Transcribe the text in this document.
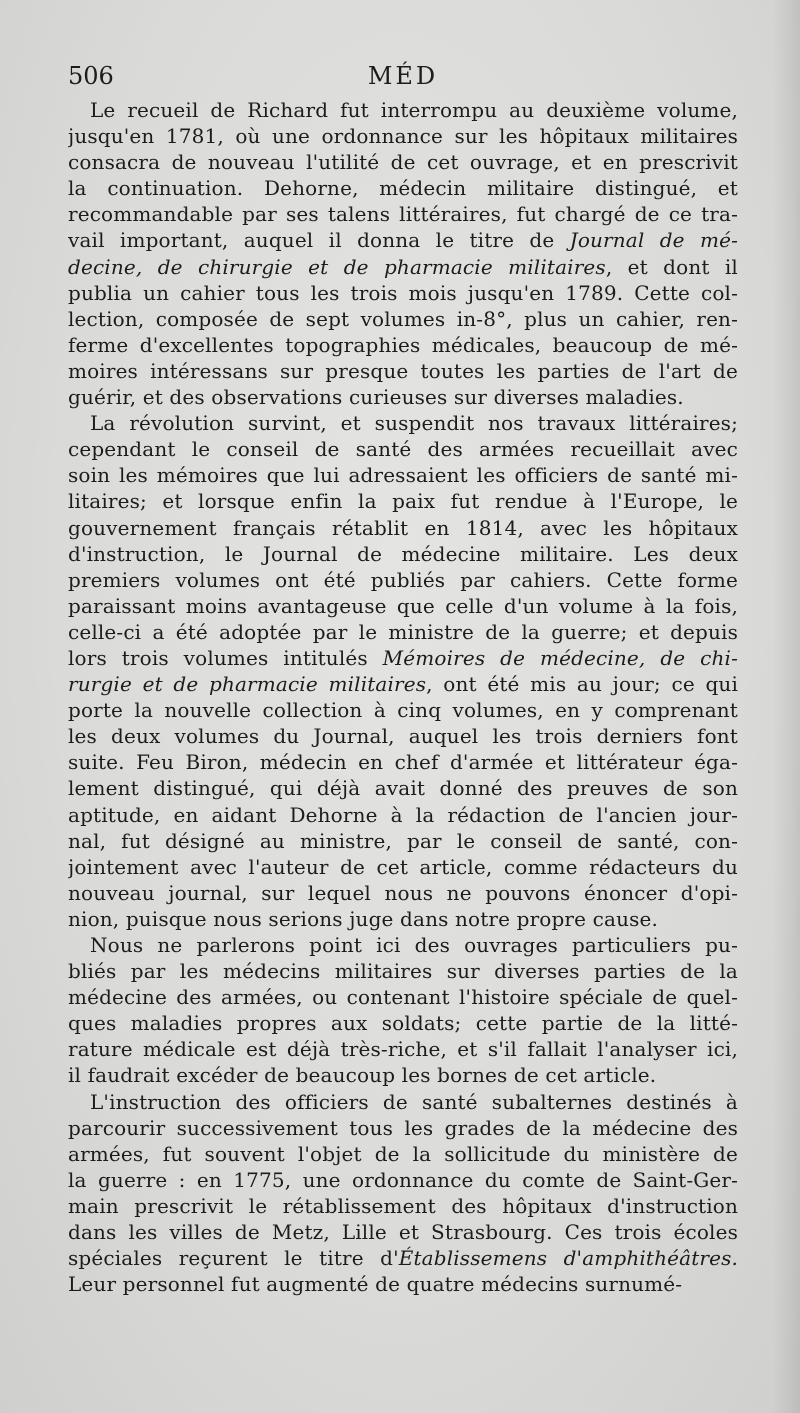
506	MÉD
Le recueil de Richard fut interrompu au deuxième volume,
jusqu'en 1781, où une ordonnance sur les hôpitaux militaires
consacra de nouveau l'utilité de cet ouvrage, et en prescrivit
la continuation. Dehorne, médecin militaire distingué, et
recommandable par ses talens littéraires, fut chargé de ce tra-
vail important, auquel il donna le titre de Journal de mé-
decine, de chirurgie et de pharmacie militaires, et dont il
publia un cahier tous les trois mois jusqu'en 1789. Cette col-
lection, composée de sept volumes in-8°, plus un cahier, ren-
ferme d'excellentes topographies médicales, beaucoup de mé-
moires intéressans sur presque toutes les parties de l'art de
guérir, et des observations curieuses sur diverses maladies.
La révolution survint, et suspendit nos travaux littéraires;
cependant le conseil de santé des armées recueillait avec
soin les mémoires que lui adressaient les officiers de santé mi-
litaires; et lorsque enfin la paix fut rendue à l'Europe, le
gouvernement français rétablit en 1814, avec les hôpitaux
d'instruction, le Journal de médecine militaire. Les deux
premiers volumes ont été publiés par cahiers. Cette forme
paraissant moins avantageuse que celle d'un volume à la fois,
celle-ci a été adoptée par le ministre de la guerre; et depuis
lors trois volumes intitulés Mémoires de médecine, de chi-
rurgie et de pharmacie militaires, ont été mis au jour; ce qui
porte la nouvelle collection à cinq volumes, en y comprenant
les deux volumes du Journal, auquel les trois derniers font
suite. Feu Biron, médecin en chef d'armée et littérateur éga-
lement distingué, qui déjà avait donné des preuves de son
aptitude, en aidant Dehorne à la rédaction de l'ancien jour-
nal, fut désigné au ministre, par le conseil de santé, con-
jointement avec l'auteur de cet article, comme rédacteurs du
nouveau journal, sur lequel nous ne pouvons énoncer d'opi-
nion, puisque nous serions juge dans notre propre cause.
Nous ne parlerons point ici des ouvrages particuliers pu-
bliés par les médecins militaires sur diverses parties de la
médecine des armées, ou contenant l'histoire spéciale de quel-
ques maladies propres aux soldats; cette partie de la litté-
rature médicale est déjà très-riche, et s'il fallait l'analyser ici,
il faudrait excéder de beaucoup les bornes de cet article.
L'instruction des officiers de santé subalternes destinés à
parcourir successivement tous les grades de la médecine des
armées, fut souvent l'objet de la sollicitude du ministère de
la guerre : en 1775, une ordonnance du comte de Saint-Ger-
main prescrivit le rétablissement des hôpitaux d'instruction
dans les villes de Metz, Lille et Strasbourg. Ces trois écoles
spéciales reçurent le titre d'Établissemens d'amphithéâtres.
Leur personnel fut augmenté de quatre médecins surnumé-
